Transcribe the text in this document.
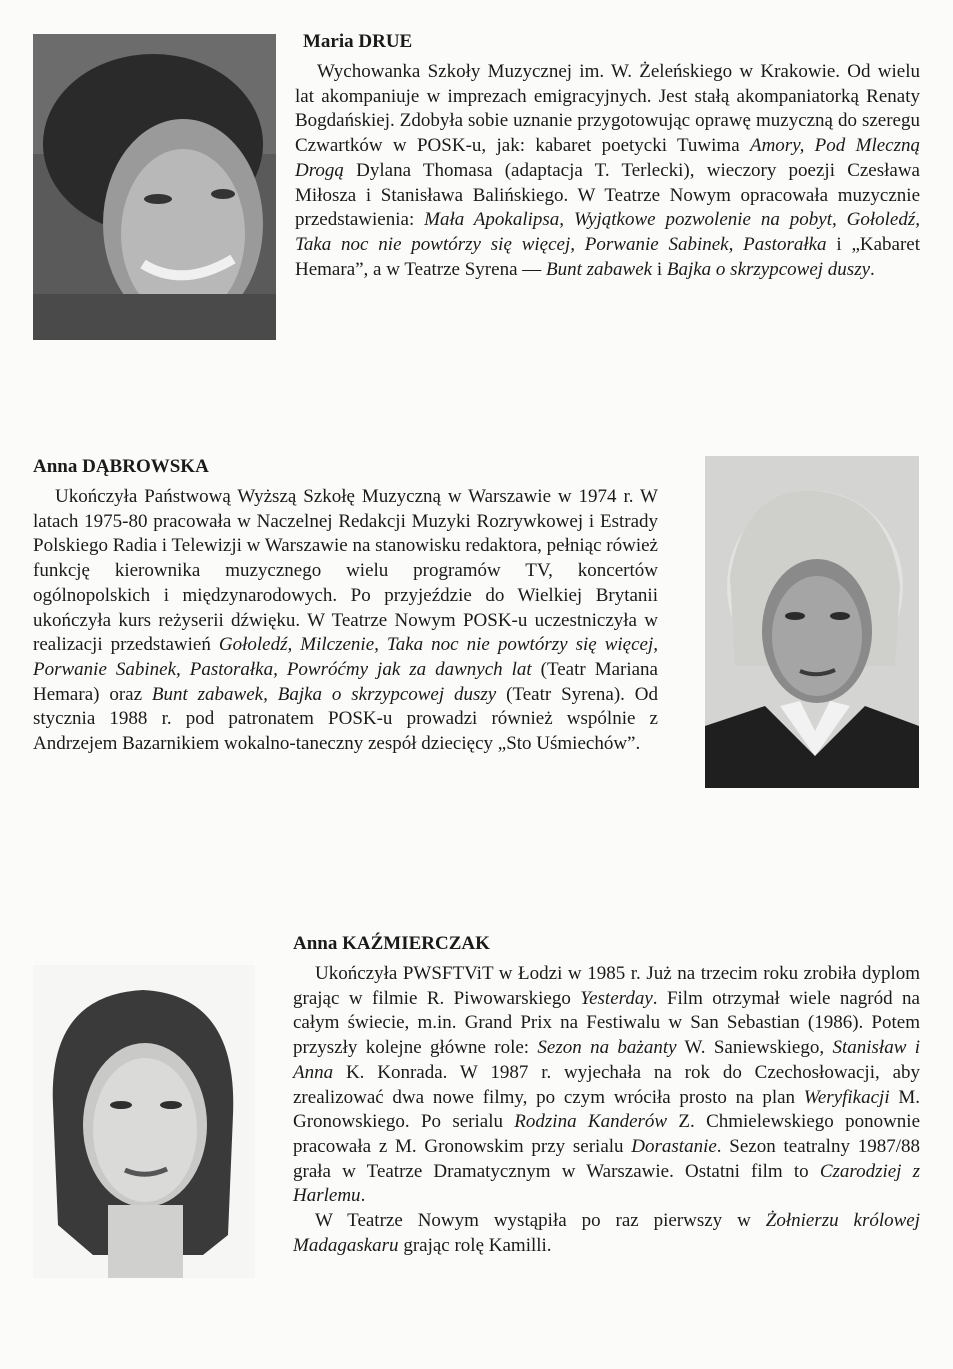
Maria DRUE

Wychowanka Szkoły Muzycznej im. W. Żeleńskiego w Krakowie. Od wielu lat akompaniuje w imprezach emigracyjnych. Jest stałą akompaniatorką Renaty Bogdańskiej. Zdobyła sobie uznanie przygotowując oprawę muzyczną do szeregu Czwartków w POSK-u, jak: kabaret poetycki Tuwima Amory, Pod Mleczną Drogą Dylana Thomasa (adaptacja T. Terlecki), wieczory poezji Czesława Miłosza i Stanisława Balińskiego. W Teatrze Nowym opracowała muzycznie przedstawienia: Mała Apokalipsa, Wyjątkowe pozwolenie na pobyt, Gołoledź, Taka noc nie powtórzy się więcej, Porwanie Sabinek, Pastorałka i „Kabaret Hemara”, a w Teatrze Syrena — Bunt zabawek i Bajka o skrzypcowej duszy.

Anna DĄBROWSKA

Ukończyła Państwową Wyższą Szkołę Muzyczną w Warszawie w 1974 r. W latach 1975-80 pracowała w Naczelnej Redakcji Muzyki Rozrywkowej i Estrady Polskiego Radia i Telewizji w Warszawie na stanowisku redaktora, pełniąc rówież funkcję kierownika muzycznego wielu programów TV, koncertów ogólnopolskich i międzynarodowych. Po przyjeździe do Wielkiej Brytanii ukończyła kurs reżyserii dźwięku. W Teatrze Nowym POSK-u uczestniczyła w realizacji przedstawień Gołoledź, Milczenie, Taka noc nie powtórzy się więcej, Porwanie Sabinek, Pastorałka, Powróćmy jak za dawnych lat (Teatr Mariana Hemara) oraz Bunt zabawek, Bajka o skrzypcowej duszy (Teatr Syrena). Od stycznia 1988 r. pod patronatem POSK-u prowadzi również wspólnie z Andrzejem Bazarnikiem wokalno-taneczny zespół dziecięcy „Sto Uśmiechów”.

Anna KAŹMIERCZAK

Ukończyła PWSFTViT w Łodzi w 1985 r. Już na trzecim roku zrobiła dyplom grając w filmie R. Piwowarskiego Yesterday. Film otrzymał wiele nagród na całym świecie, m.in. Grand Prix na Festiwalu w San Sebastian (1986). Potem przyszły kolejne główne role: Sezon na bażanty W. Saniewskiego, Stanisław i Anna K. Konrada. W 1987 r. wyjechała na rok do Czechosłowacji, aby zrealizować dwa nowe filmy, po czym wróciła prosto na plan Weryfikacji M. Gronowskiego. Po serialu Rodzina Kanderów Z. Chmielewskiego ponownie pracowała z M. Gronowskim przy serialu Dorastanie. Sezon teatralny 1987/88 grała w Teatrze Dramatycznym w Warszawie. Ostatni film to Czarodziej z Harlemu.

W Teatrze Nowym wystąpiła po raz pierwszy w Żołnierzu królowej Madagaskaru grając rolę Kamilli.
